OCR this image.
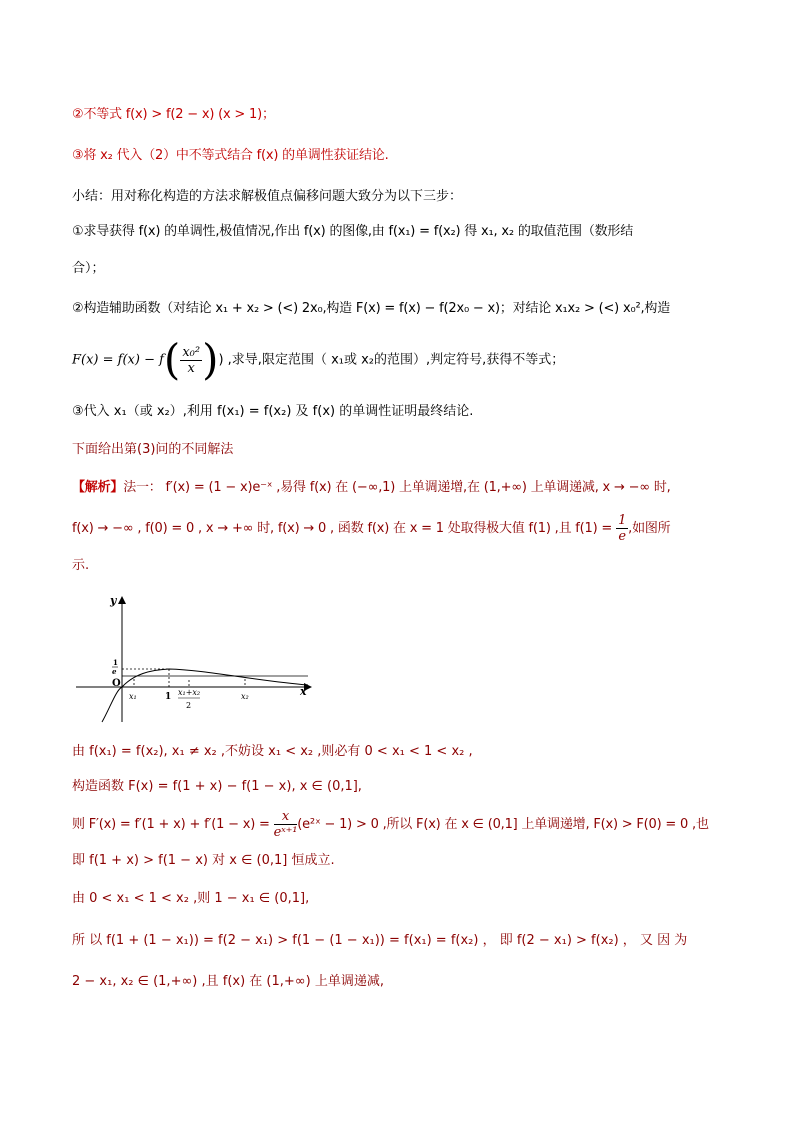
②不等式 f(x) > f(2 − x) (x > 1)；
③将 x₂ 代入（2）中不等式结合 f(x) 的单调性获证结论.
小结：用对称化构造的方法求解极值点偏移问题大致分为以下三步：
①求导获得 f(x) 的单调性,极值情况,作出 f(x) 的图像,由 f(x₁) = f(x₂) 得 x₁, x₂ 的取值范围（数形结
合）；
②构造辅助函数（对结论 x₁ + x₂ > (<) 2x₀,构造 F(x) = f(x) − f(2x₀ − x)；对结论 x₁x₂ > (<) x₀²,构造
$F(x) = f(x) - f( \frac{\text{x₀²}}{x}$ )) ,求导,限定范围（ x₁或 x₂的范围）,判定符号,获得不等式；
③代入 x₁（或 x₂）,利用 f(x₁) = f(x₂) 及 f(x) 的单调性证明最终结论.
下面给出第(3)问的不同解法
【解析】法一： f′(x) = (1 − x)e⁻ˣ ,易得 f(x) 在 (−∞,1) 上单调递增,在 (1,+∞) 上单调递减, x → −∞ 时,
f(x) → −∞ , f(0) = 0 , x → +∞ 时, f(x) → 0 , 函数 f(x) 在 x = 1 处取得极大值 f(1) ,且 $f(1) = \frac{1}{e}$ ,如图所
示.
y
x
O
1
1
e
x₁	x₁+x₂
2
x₂
由 f(x₁) = f(x₂), x₁ ≠ x₂ ,不妨设 x₁ < x₂ ,则必有 0 < x₁ < 1 < x₂ ,
构造函数 F(x) = f(1 + x) − f(1 − x), x ∈ (0,1],
则 $F'(x) = f'(1 + x) + f'(1 - x) = \frac{x}{\text{eˣ⁺¹}}$ (e²ˣ − 1) > 0 ,所以 F(x) 在 x ∈ (0,1] 上单调递增, F(x) > F(0) = 0 ,也
即 f(1 + x) > f(1 − x) 对 x ∈ (0,1] 恒成立.
由 0 < x₁ < 1 < x₂ ,则 1 − x₁ ∈ (0,1],
所 以 f(1 + (1 − x₁)) = f(2 − x₁) > f(1 − (1 − x₁)) = f(x₁) = f(x₂) ， 即 f(2 − x₁) > f(x₂) ， 又 因 为
2 − x₁, x₂ ∈ (1,+∞) ,且 f(x) 在 (1,+∞) 上单调递减,
